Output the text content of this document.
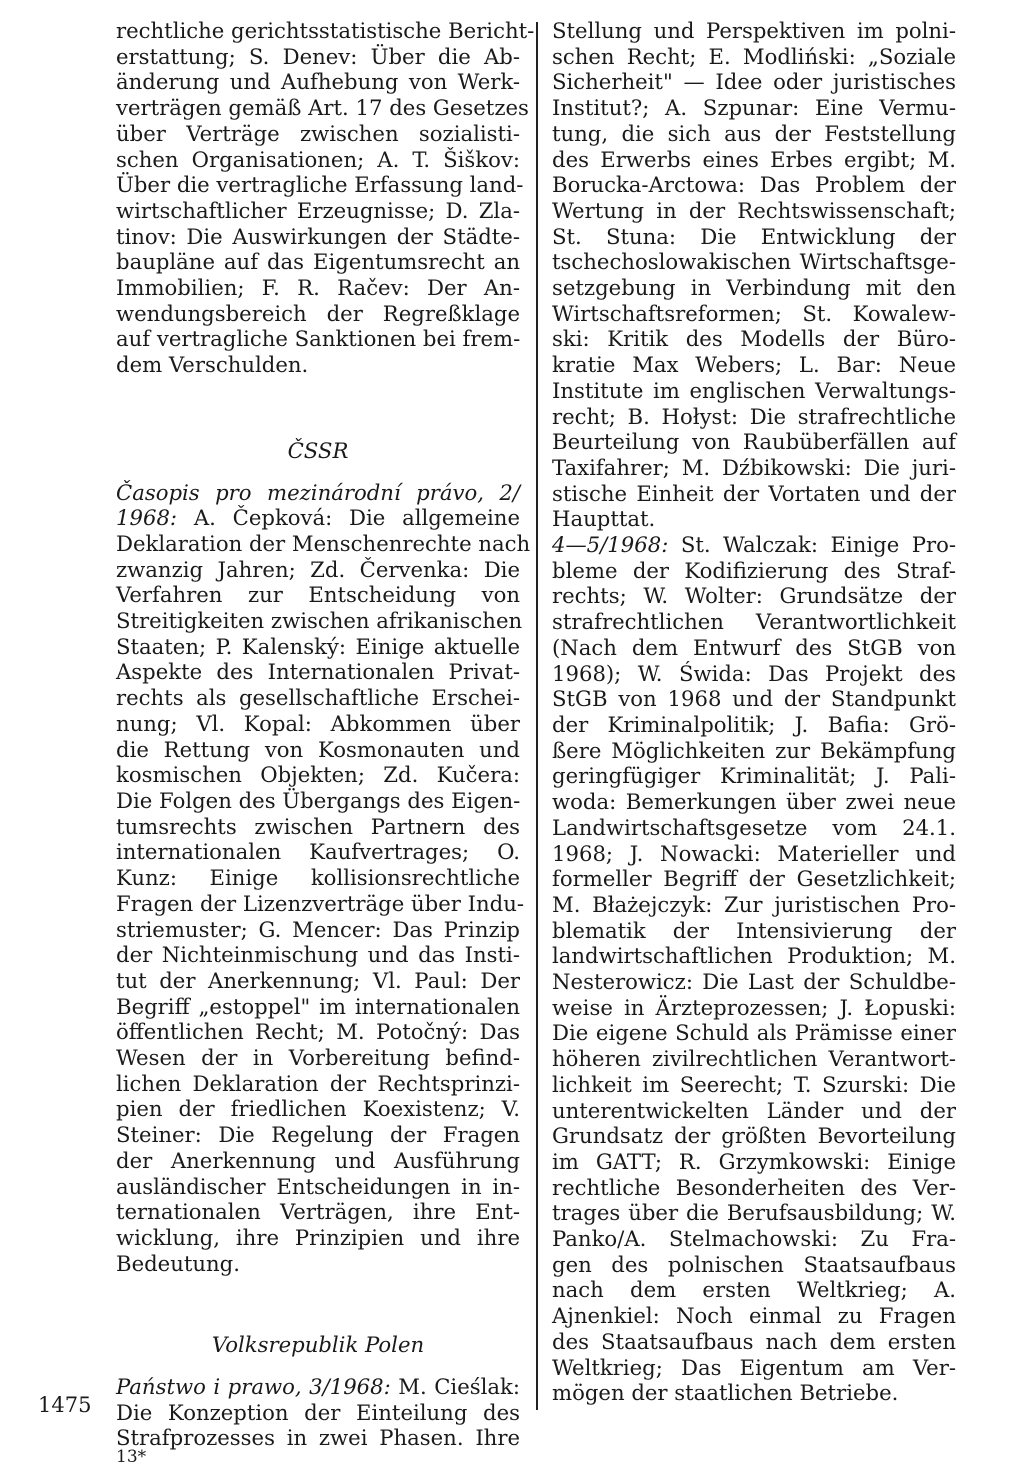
rechtliche gerichtsstatistische Bericht-
erstattung; S. Denev: Über die Ab-
änderung und Aufhebung von Werk-
verträgen gemäß Art. 17 des Gesetzes
über Verträge zwischen sozialisti-
schen Organisationen; A. T. Šiškov:
Über die vertragliche Erfassung land-
wirtschaftlicher Erzeugnisse; D. Zla-
tinov: Die Auswirkungen der Städte-
baupläne auf das Eigentumsrecht an
Immobilien; F. R. Račev: Der An-
wendungsbereich der Regreßklage
auf vertragliche Sanktionen bei frem-
dem Verschulden.
ČSSR
Časopis pro mezinárodní právo, 2/
1968: A. Čepková: Die allgemeine
Deklaration der Menschenrechte nach
zwanzig Jahren; Zd. Červenka: Die
Verfahren zur Entscheidung von
Streitigkeiten zwischen afrikanischen
Staaten; P. Kalenský: Einige aktuelle
Aspekte des Internationalen Privat-
rechts als gesellschaftliche Erschei-
nung; Vl. Kopal: Abkommen über
die Rettung von Kosmonauten und
kosmischen Objekten; Zd. Kučera:
Die Folgen des Übergangs des Eigen-
tumsrechts zwischen Partnern des
internationalen Kaufvertrages; O.
Kunz: Einige kollisionsrechtliche
Fragen der Lizenzverträge über Indu-
striemuster; G. Mencer: Das Prinzip
der Nichteinmischung und das Insti-
tut der Anerkennung; Vl. Paul: Der
Begriff „estoppel" im internationalen
öffentlichen Recht; M. Potočný: Das
Wesen der in Vorbereitung befind-
lichen Deklaration der Rechtsprinzi-
pien der friedlichen Koexistenz; V.
Steiner: Die Regelung der Fragen
der Anerkennung und Ausführung
ausländischer Entscheidungen in in-
ternationalen Verträgen, ihre Ent-
wicklung, ihre Prinzipien und ihre
Bedeutung.
Volksrepublik Polen
Państwo i prawo, 3/1968: M. Cieślak:
Die Konzeption der Einteilung des
Strafprozesses in zwei Phasen. Ihre
Stellung und Perspektiven im polni-
schen Recht; E. Modliński: „Soziale
Sicherheit" — Idee oder juristisches
Institut?; A. Szpunar: Eine Vermu-
tung, die sich aus der Feststellung
des Erwerbs eines Erbes ergibt; M.
Borucka-Arctowa: Das Problem der
Wertung in der Rechtswissenschaft;
St. Stuna: Die Entwicklung der
tschechoslowakischen Wirtschaftsge-
setzgebung in Verbindung mit den
Wirtschaftsreformen; St. Kowalew-
ski: Kritik des Modells der Büro-
kratie Max Webers; L. Bar: Neue
Institute im englischen Verwaltungs-
recht; B. Hołyst: Die strafrechtliche
Beurteilung von Raubüberfällen auf
Taxifahrer; M. Dźbikowski: Die juri-
stische Einheit der Vortaten und der
Haupttat.
4—5/1968: St. Walczak: Einige Pro-
bleme der Kodifizierung des Straf-
rechts; W. Wolter: Grundsätze der
strafrechtlichen Verantwortlichkeit
(Nach dem Entwurf des StGB von
1968); W. Świda: Das Projekt des
StGB von 1968 und der Standpunkt
der Kriminalpolitik; J. Bafia: Grö-
ßere Möglichkeiten zur Bekämpfung
geringfügiger Kriminalität; J. Pali-
woda: Bemerkungen über zwei neue
Landwirtschaftsgesetze vom 24.1.
1968; J. Nowacki: Materieller und
formeller Begriff der Gesetzlichkeit;
M. Błażejczyk: Zur juristischen Pro-
blematik der Intensivierung der
landwirtschaftlichen Produktion; M.
Nesterowicz: Die Last der Schuldbe-
weise in Ärzteprozessen; J. Łopuski:
Die eigene Schuld als Prämisse einer
höheren zivilrechtlichen Verantwort-
lichkeit im Seerecht; T. Szurski: Die
unterentwickelten Länder und der
Grundsatz der größten Bevorteilung
im GATT; R. Grzymkowski: Einige
rechtliche Besonderheiten des Ver-
trages über die Berufsausbildung; W.
Panko/A. Stelmachowski: Zu Fra-
gen des polnischen Staatsaufbaus
nach dem ersten Weltkrieg; A.
Ajnenkiel: Noch einmal zu Fragen
des Staatsaufbaus nach dem ersten
Weltkrieg; Das Eigentum am Ver-
mögen der staatlichen Betriebe.
1475
13*
